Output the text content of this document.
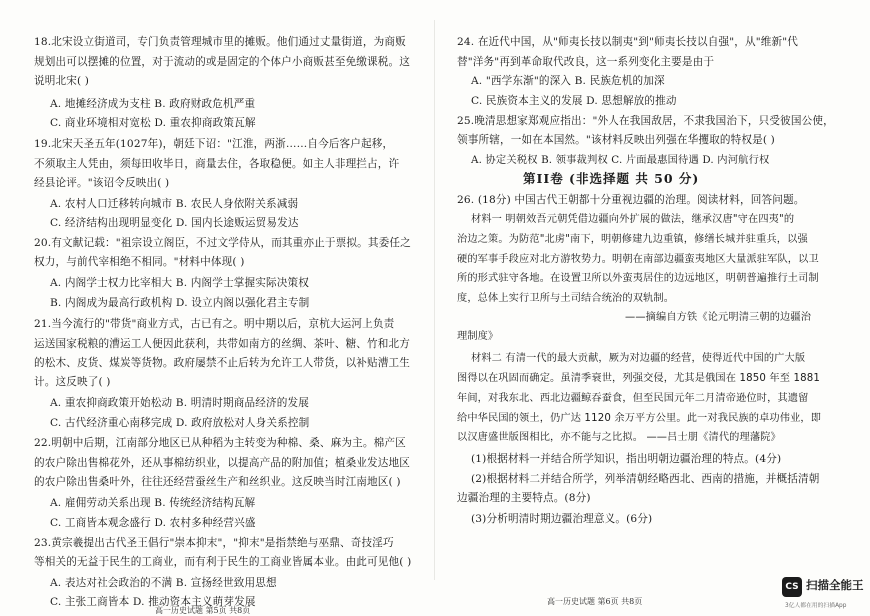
18.北宋设立街道司，专门负责管理城市里的摊贩。他们通过丈量街道，为商贩
规划出可以摆摊的位置，对于流动的或是固定的个体户小商贩甚至免缴课税。这
说明北宋( )
A. 地摊经济成为支柱 B. 政府财政危机严重
C. 商业环境相对宽松 D. 重农抑商政策瓦解
19.北宋天圣五年(1027年)，朝廷下诏："江淮，两浙……自今后客户起移，
不须取主人凭由，须每田收毕日，商量去住，各取稳便。如主人非理拦占，许
经县论评。"该诏令反映出( )
A. 农村人口迁移转向城市 B. 农民人身依附关系减弱
C. 经济结构出现明显变化 D. 国内长途贩运贸易发达
20.有文献记载："祖宗设立阁臣，不过文学侍从，而其重亦止于票拟。其委任之
权力，与前代宰相绝不相同。"材料中体现( )
A. 内阁学士权力比宰相大 B. 内阁学士掌握实际决策权
B. 内阁成为最高行政机构 D. 设立内阁以强化君主专制
21.当今流行的"带货"商业方式，古已有之。明中期以后，京杭大运河上负责
运送国家税粮的漕运工人便因此获利，共带如南方的丝绸、茶叶、糖、竹和北方
的松木、皮货、煤炭等货物。政府屡禁不止后转为允许工人带货，以补贴漕工生
计。这反映了( )
A. 重农抑商政策开始松动 B. 明清时期商品经济的发展
C. 古代经济重心南移完成 D. 政府放松对人身关系控制
22.明朝中后期，江南部分地区已从种稻为主转变为种棉、桑、麻为主。棉产区
的农户除出售棉花外，还从事棉纺织业，以提高产品的附加值；植桑业发达地区
的农户除出售桑叶外，往往还经营蚕丝生产和丝织业。这反映当时江南地区( )
A. 雇佣劳动关系出现 B. 传统经济结构瓦解
C. 工商皆本观念盛行 D. 农村多种经营兴盛
23.黄宗羲提出古代圣王倡行"崇本抑末"，"抑末"是指禁绝与巫鼎、奇技淫巧
等相关的无益于民生的工商业，而有利于民生的工商业皆属本业。由此可见他( )
A. 表达对社会政治的不满 B. 宣扬经世致用思想
C. 主张工商皆本 D. 推动资本主义萌芽发展
高一历史试题 第5页 共8页
24. 在近代中国，从"师夷长技以制夷"到"师夷长技以自强"，从"维新"代
替"洋务"再到革命取代改良，这一系列变化主要是由于
A. "西学东渐"的深入 B. 民族危机的加深
C. 民族资本主义的发展 D. 思想解放的推动
25.晚清思想家郑观应指出："外人在我国敌居，不隶我国治下，只受彼国公使，
领事所辖，一如在本国然。"该材料反映出列强在华攫取的特权是( )
A. 协定关税权 B. 领事裁判权 C. 片面最惠国待遇 D. 内河航行权
第II卷 (非选择题 共 50 分)
26. (18分) 中国古代王朝都十分重视边疆的治理。阅读材料，回答问题。
材料一 明朝效吾元朝凭借边疆向外扩展的做法，继承汉唐"守在四夷"的
治边之策。为防范"北虏"南下，明朝修建九边重镇，修缮长城并驻重兵，以强
硬的军事手段应对北方游牧势力。明朝在南部边疆蛮夷地区大量派驻军队，以卫
所的形式驻守各地。在设置卫所以外蛮夷居住的边远地区，明朝普遍推行土司制
度，总体上实行卫所与土司结合统治的双轨制。
——摘编自方铁《论元明清三朝的边疆治
理制度》
材料二 有清一代的最大贡献，厥为对边疆的经营，使得近代中国的广大版
图得以在巩固而确定。虽清季衰世，列强交侵，尤其是俄国在 1850 年至 1881
年间，对我东北、西北边疆鲸吞蚕食，但至民国元年二月清帝逊位时，其遗留
给中华民国的领土，仍广达 1120 余万平方公里。此一对我民族的卓功伟业，即
以汉唐盛世版图相比，亦不能与之比拟。 ——吕士朋《清代的理藩院》
(1)根据材料一并结合所学知识，指出明朝边疆治理的特点。(4分)
(2)根据材料二并结合所学，列举清朝经略西北、西南的措施，并概括清朝
边疆治理的主要特点。(8分)
(3)分析明清时期边疆治理意义。(6分)
高一历史试题 第6页 共8页
CS 扫描全能王
3亿人都在用的扫描App
